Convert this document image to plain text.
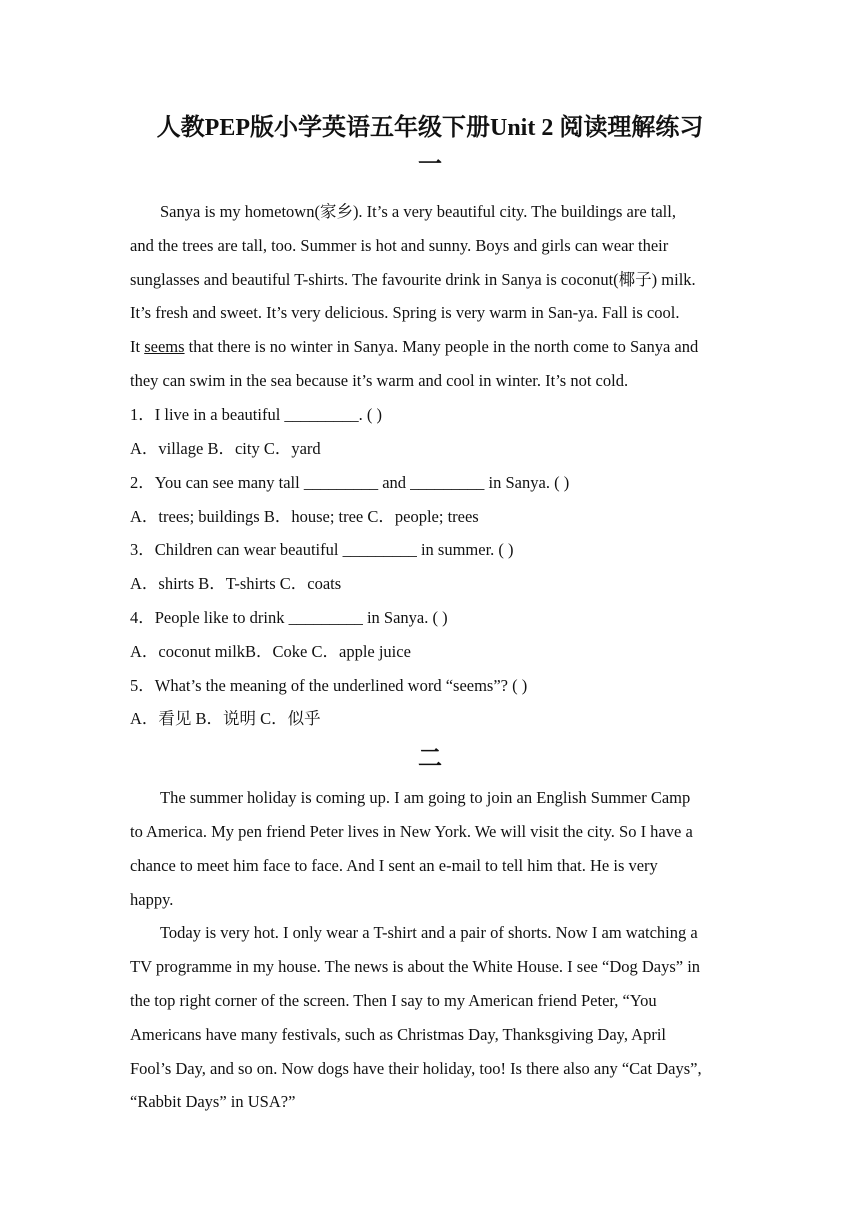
人教PEP版小学英语五年级下册Unit 2 阅读理解练习
一
Sanya is my hometown(家乡). It’s a very beautiful city. The buildings are tall,
and the trees are tall, too. Summer is hot and sunny. Boys and girls can wear their
sunglasses and beautiful T-shirts. The favourite drink in Sanya is coconut(椰子) milk.
It’s fresh and sweet. It’s very delicious. Spring is very warm in San-ya. Fall is cool.
It seems that there is no winter in Sanya. Many people in the north come to Sanya and
they can swim in the sea because it’s warm and cool in winter. It’s not cold.
1．I live in a beautiful _________. ( )
A．village B．city C．yard
2．You can see many tall _________ and _________ in Sanya. ( )
A．trees; buildings B．house; tree C．people; trees
3．Children can wear beautiful _________ in summer. ( )
A．shirts B．T-shirts C．coats
4．People like to drink _________ in Sanya. ( )
A．coconut milkB．Coke C．apple juice
5．What’s the meaning of the underlined word “seems”? ( )
A．看见 B．说明 C．似乎
二
The summer holiday is coming up. I am going to join an English Summer Camp
to America. My pen friend Peter lives in New York. We will visit the city. So I have a
chance to meet him face to face. And I sent an e-mail to tell him that. He is very
happy.
Today is very hot. I only wear a T-shirt and a pair of shorts. Now I am watching a
TV programme in my house. The news is about the White House. I see “Dog Days” in
the top right corner of the screen. Then I say to my American friend Peter, “You
Americans have many festivals, such as Christmas Day, Thanksgiving Day, April
Fool’s Day, and so on. Now dogs have their holiday, too! Is there also any “Cat Days”,
“Rabbit Days” in USA?”
